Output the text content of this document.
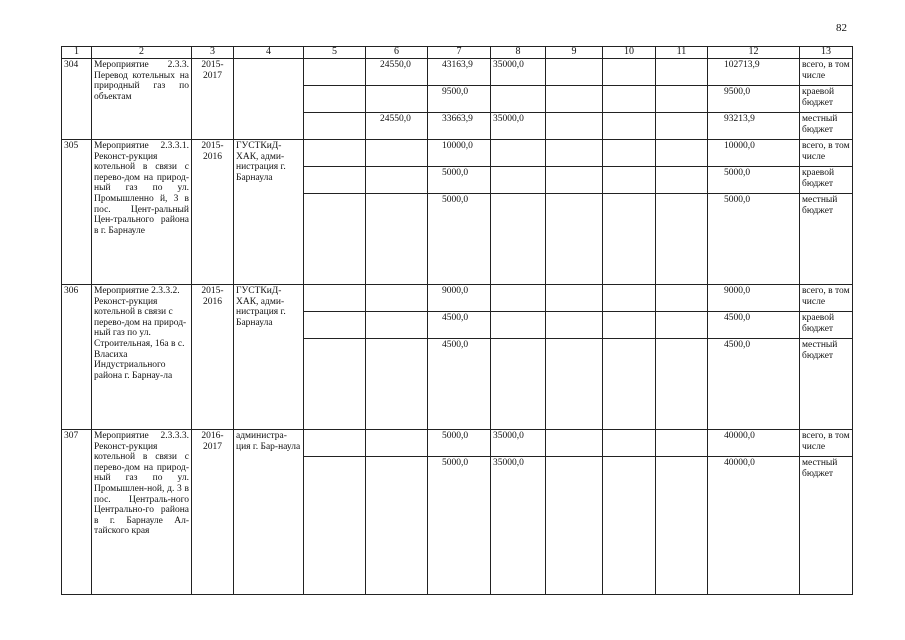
82
1	2	3	4	5	6	7	8	9	10	11	12	13
304	Мероприятие 2.3.3. Перевод котельных на природный газ по объектам	2015-2017			24550,0	43163,9	35000,0				102713,9	всего, в том числе
						9500,0					9500,0	краевой бюджет
					24550,0	33663,9	35000,0				93213,9	местный бюджет
305	Мероприятие 2.3.3.1. Реконст-рукция котельной в связи с перево-дом на природ-ный газ по ул. Промышленно й, 3 в пос. Цент-ральный Цен-трального района в г. Барнауле	2015-2016	ГУСТКиД-ХАК, адми-нистрация г. Барнаула			10000,0					10000,0	всего, в том числе
						5000,0					5000,0	краевой бюджет
						5000,0					5000,0	местный бюджет
306	Мероприятие 2.3.3.2. Реконст-рукция котельной в связи с перево-дом на природ-ный газ по ул. Строительная, 16а в с. Власиха Индустриального района г. Барнау-ла	2015-2016	ГУСТКиД-ХАК, адми-нистрация г. Барнаула			9000,0					9000,0	всего, в том числе
						4500,0					4500,0	краевой бюджет
						4500,0					4500,0	местный бюджет
307	Мероприятие 2.3.3.3. Реконст-рукция котельной в связи с перево-дом на природ-ный газ по ул. Промышлен-ной, д. 3 в пос. Централь-ного Центрально-го района в г. Барнауле Ал-тайского края	2016-2017	администра-ция г. Бар-наула			5000,0	35000,0				40000,0	всего, в том числе
						5000,0	35000,0				40000,0	местный бюджет
